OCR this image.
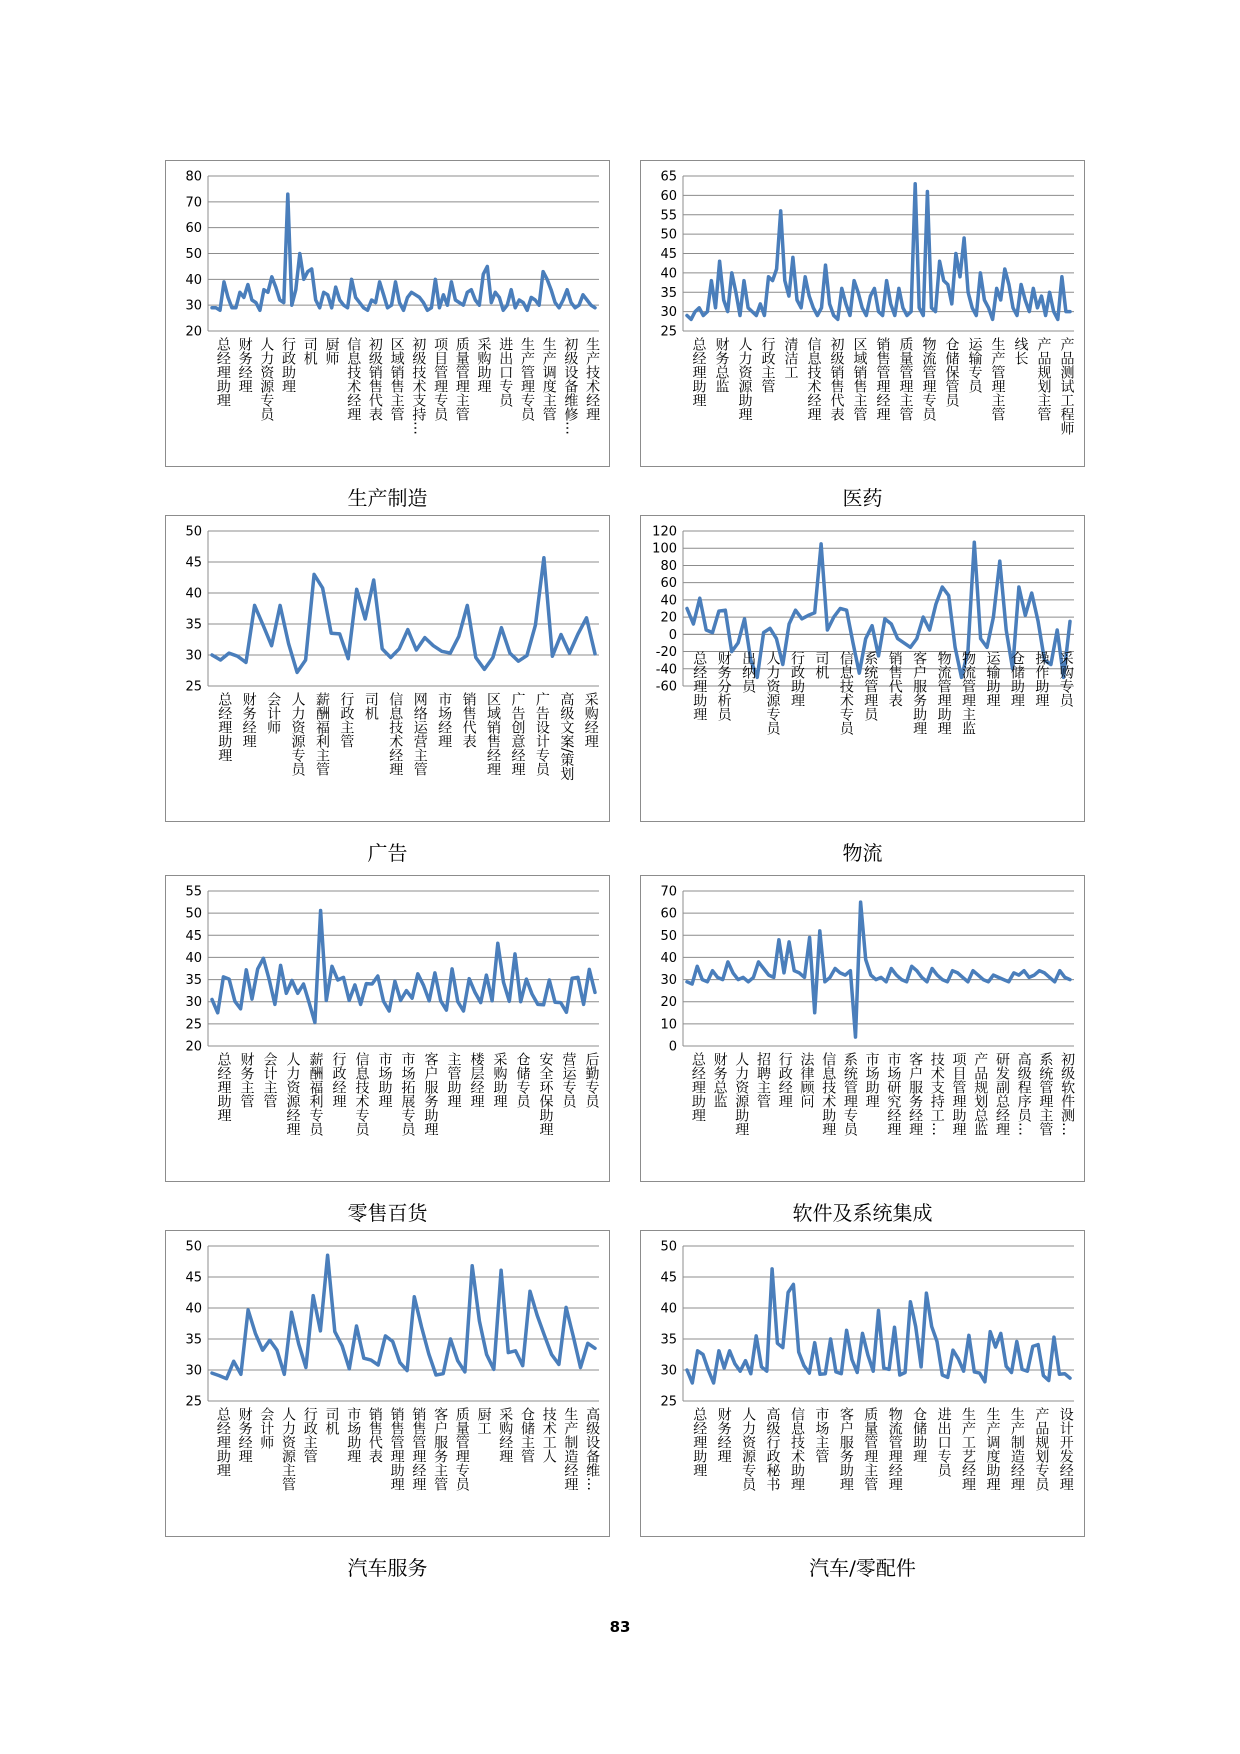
20
30
40
50
60
70
80
总经理助理 财务经理 人力资源专员 行政助理 司机 厨师 信息技术经理 初级销售代表 区域销售主管 初级技术支持… 项目管理专员 质量管理主管 采购助理 进出口专员 生产管理专员 生产调度主管 初级设备维修… 生产技术经理
生产制造
25
30
35
40
45
50
55
60
65
总经理助理 财务总监 人力资源助理 行政主管 清洁工 信息技术经理 初级销售代表 区域销售主管 销售管理经理 质量管理主管 物流管理专员 仓储保管员 运输专员 生产管理主管 线长 产品规划主管 产品测试工程师
医药
25
30
35
40
45
50
总经理助理 财务经理 会计师 人力资源专员 薪酬福利主管 行政主管 司机 信息技术经理 网络运营主管 市场经理 销售代表 区域销售经理 广告创意经理 广告设计专员 高级文案/策划 采购经理
广告
-60
-40
-20
0
20
40
60
80
100
120
总经理助理 财务分析员 出纳员 人力资源专员 行政助理 司机 信息技术专员 系统管理员 销售代表 客户服务助理 物流管理助理 物流管理主监 运输助理 仓储助理 操作助理 采购专员
物流
20
25
30
35
40
45
50
55
总经理助理 财务主管 会计主管 人力资源经理 薪酬福利专员 行政经理 信息技术专员 市场助理 市场拓展专员 客户服务助理 主管助理 楼层经理 采购助理 仓储专员 安全环保助理 营运专员 后勤专员
零售百货
0
10
20
30
40
50
60
70
总经理助理 财务总监 人力资源助理 招聘主管 行政经理 法律顾问 信息技术助理 系统管理专员 市场助理 市场研究经理 客户服务经理 技术支持工… 项目管理助理 产品规划总监 研发副总经理 高级程序员… 系统管理主管 初级软件测…
软件及系统集成
25
30
35
40
45
50
总经理助理 财务经理 会计师 人力资源主管 行政主管 司机 市场助理 销售代表 销售管理助理 销售管理经理 客户服务主管 质量管理专员 厨工 采购经理 仓储主管 技术工人 生产制造经理 高级设备维…
汽车服务
25
30
35
40
45
50
总经理助理 财务经理 人力资源专员 高级行政秘书 信息技术助理 市场主管 客户服务助理 质量管理主管 物流管理经理 仓储助理 进出口专员 生产工艺经理 生产调度助理 生产制造经理 产品规划专员 设计开发经理
汽车/零配件
83
